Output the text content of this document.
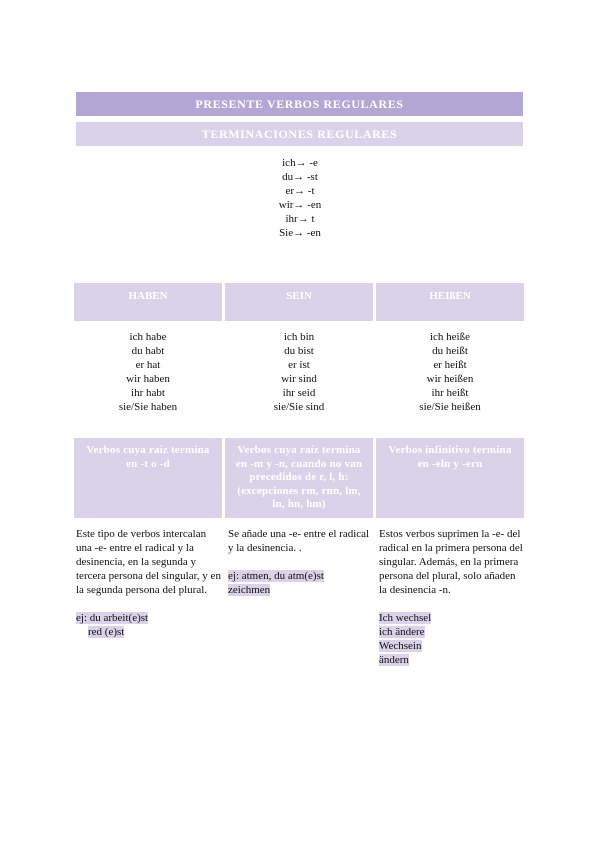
PRESENTE VERBOS REGULARES
TERMINACIONES REGULARES
ich→ -e
du→ -st
er→ -t
wir→ -en
ihr→ t
Sie→ -en
HABEN	SEIN	HEIßEN
ich habe
du habt
er hat
wir haben
ihr habt
sie/Sie haben
ich bin
du bist
er ist
wir sind
ihr seid
sie/Sie sind
ich heiße
du heißt
er heißt
wir heißen
ihr heißt
sie/Sie heißen
Verbos cuya raíz termina en -t o -d
Verbos cuya raíz termina en -m y -n, cuando no van precedidos de r, l, h: (excepciones rm, rnn, lm, ln, hn, hm)
Verbos infinitivo termina en -eln y -ern

Este tipo de verbos intercalan una -e- entre el radical y la desinencia, en la segunda y tercera persona del singular, y en la segunda persona del plural.

ej: du arbeit(e)st
red (e)st

Se añade una -e- entre el radical y la desinencia. .

ej: atmen, du atm(e)st
zeichmen

Estos verbos suprimen la -e- del radical en la primera persona del singular. Además, en la primera persona del plural, solo añaden la desinencia -n.

Ich wechsel
ich ändere
Wechsein
ändern
